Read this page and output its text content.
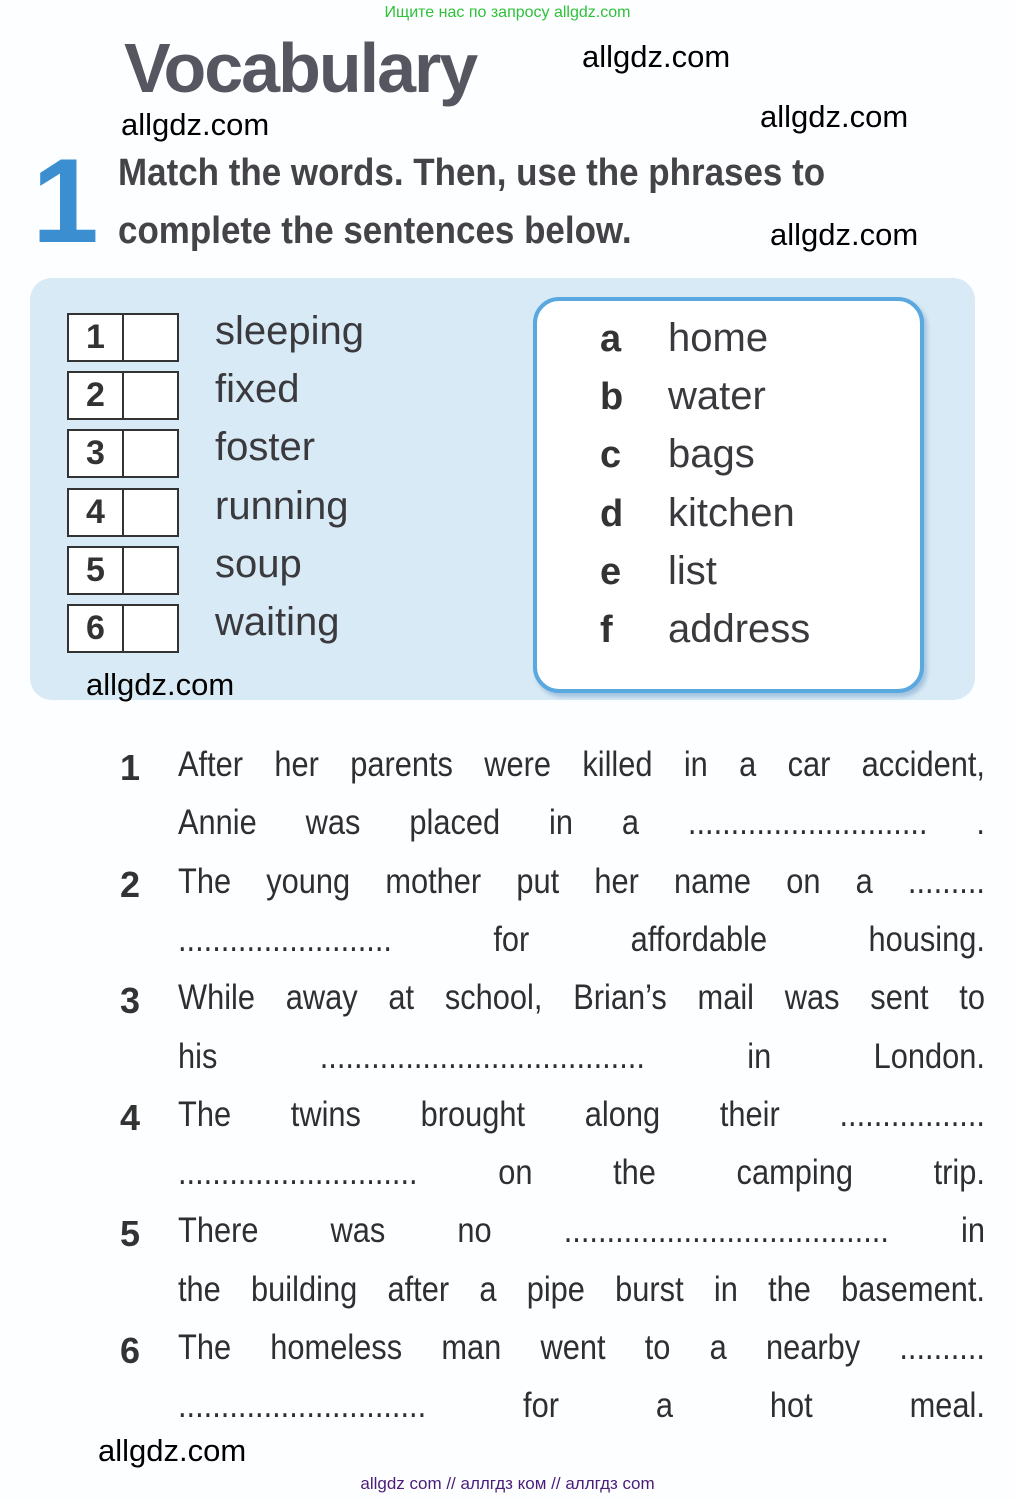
Ищите нас по запросу allgdz.com
Vocabulary	allgdz.com
allgdz.com	allgdz.com
1 Match the words. Then, use the phrases to
complete the sentences below.	allgdz.com
1	sleeping
2	fixed
3	foster
4	running
5	soup
6	waiting
a home
b water
c bags
d kitchen
e list
f address
allgdz.com
1 After her parents were killed in a car accident,
Annie was placed in a ............................ .
2 The young mother put her name on a .........
......................... for affordable housing.
3 While away at school, Brian’s mail was sent to
his ...................................... in London.
4 The twins brought along their .................
............................ on the camping trip.
5 There was no ...................................... in
the building after a pipe burst in the basement.
6 The homeless man went to a nearby ..........
............................. for a hot meal.
allgdz.com
allgdz com // аллгдз ком // аллгдз com
